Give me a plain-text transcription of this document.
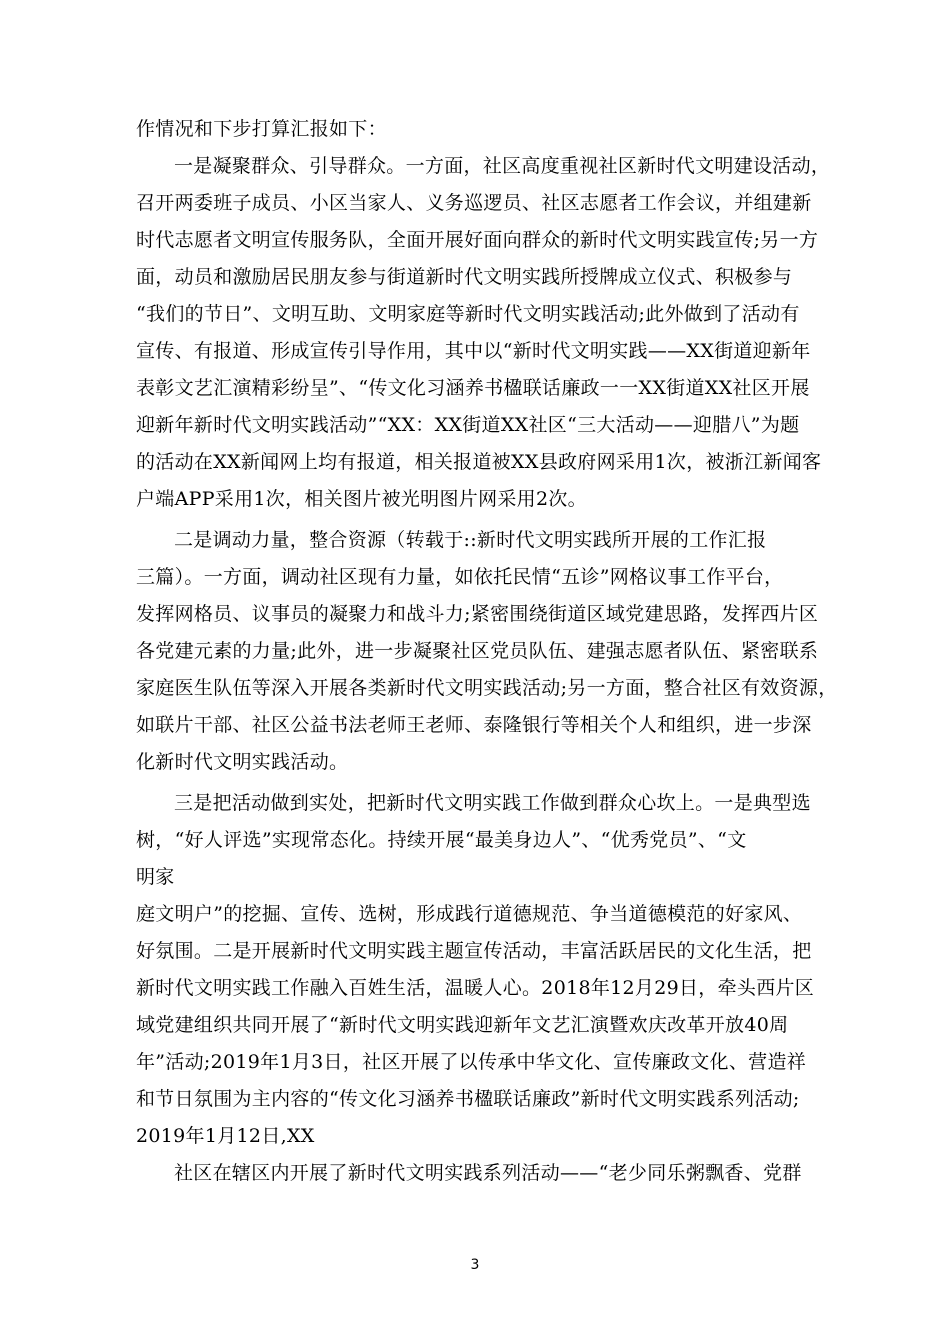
作情况和下步打算汇报如下：
一是凝聚群众、引导群众。一方面，社区高度重视社区新时代文明建设活动，
召开两委班子成员、小区当家人、义务巡逻员、社区志愿者工作会议，并组建新
时代志愿者文明宣传服务队，全面开展好面向群众的新时代文明实践宣传;另一方
面，动员和激励居民朋友参与街道新时代文明实践所授牌成立仪式、积极参与
“我们的节日”、文明互助、文明家庭等新时代文明实践活动;此外做到了活动有
宣传、有报道、形成宣传引导作用，其中以“新时代文明实践——XX街道迎新年
表彰文艺汇演精彩纷呈”、“传文化习涵养书楹联话廉政一一XX街道XX社区开展
迎新年新时代文明实践活动”“XX：XX街道XX社区“三大活动——迎腊八”为题
的活动在XX新闻网上均有报道，相关报道被XX县政府网采用1次，被浙江新闻客
户端APP采用1次，相关图片被光明图片网采用2次。
二是调动力量，整合资源（转载于::新时代文明实践所开展的工作汇报
三篇）。一方面，调动社区现有力量，如依托民情“五诊”网格议事工作平台，
发挥网格员、议事员的凝聚力和战斗力;紧密围绕街道区域党建思路，发挥西片区
各党建元素的力量;此外，进一步凝聚社区党员队伍、建强志愿者队伍、紧密联系
家庭医生队伍等深入开展各类新时代文明实践活动;另一方面，整合社区有效资源，
如联片干部、社区公益书法老师王老师、泰隆银行等相关个人和组织，进一步深
化新时代文明实践活动。
三是把活动做到实处，把新时代文明实践工作做到群众心坎上。一是典型选
树，“好人评选”实现常态化。持续开展“最美身边人”、“优秀党员”、“文
明家
庭文明户”的挖掘、宣传、选树，形成践行道德规范、争当道德模范的好家风、
好氛围。二是开展新时代文明实践主题宣传活动，丰富活跃居民的文化生活，把
新时代文明实践工作融入百姓生活，温暖人心。2018年12月29日，牵头西片区
域党建组织共同开展了“新时代文明实践迎新年文艺汇演暨欢庆改革开放40周
年”活动;2019年1月3日，社区开展了以传承中华文化、宣传廉政文化、营造祥
和节日氛围为主内容的“传文化习涵养书楹联话廉政”新时代文明实践系列活动;
2019年1月12日,XX
社区在辖区内开展了新时代文明实践系列活动——“老少同乐粥飘香、党群
3
